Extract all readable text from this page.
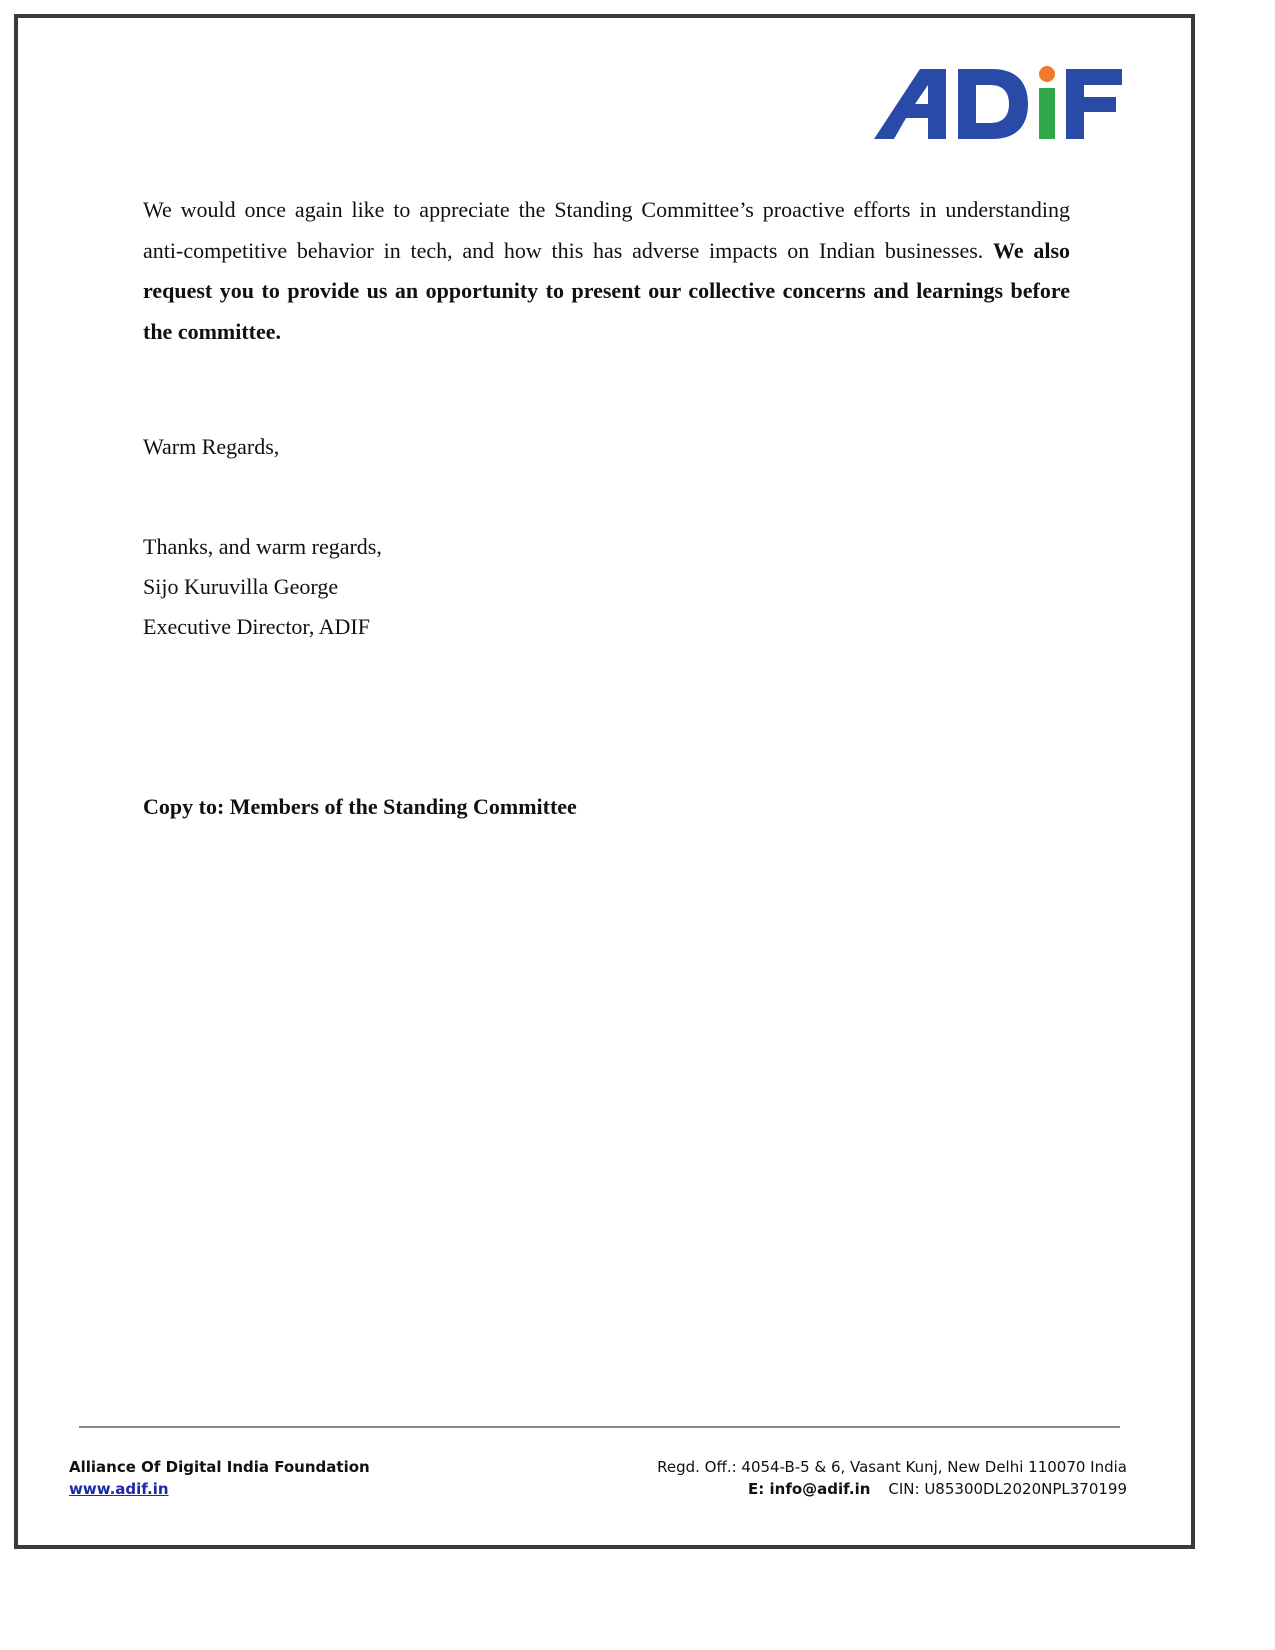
We would once again like to appreciate the Standing Committee’s proactive efforts in understanding anti-competitive behavior in tech, and how this has adverse impacts on Indian businesses. We also request you to provide us an opportunity to present our collective concerns and learnings before the committee.
Warm Regards,
Thanks, and warm regards,
Sijo Kuruvilla George
Executive Director, ADIF
Copy to: Members of the Standing Committee
Alliance Of Digital India Foundation
www.adif.in
Regd. Off.: 4054-B-5 & 6, Vasant Kunj, New Delhi 110070 India
E: info@adif.in CIN: U85300DL2020NPL370199
